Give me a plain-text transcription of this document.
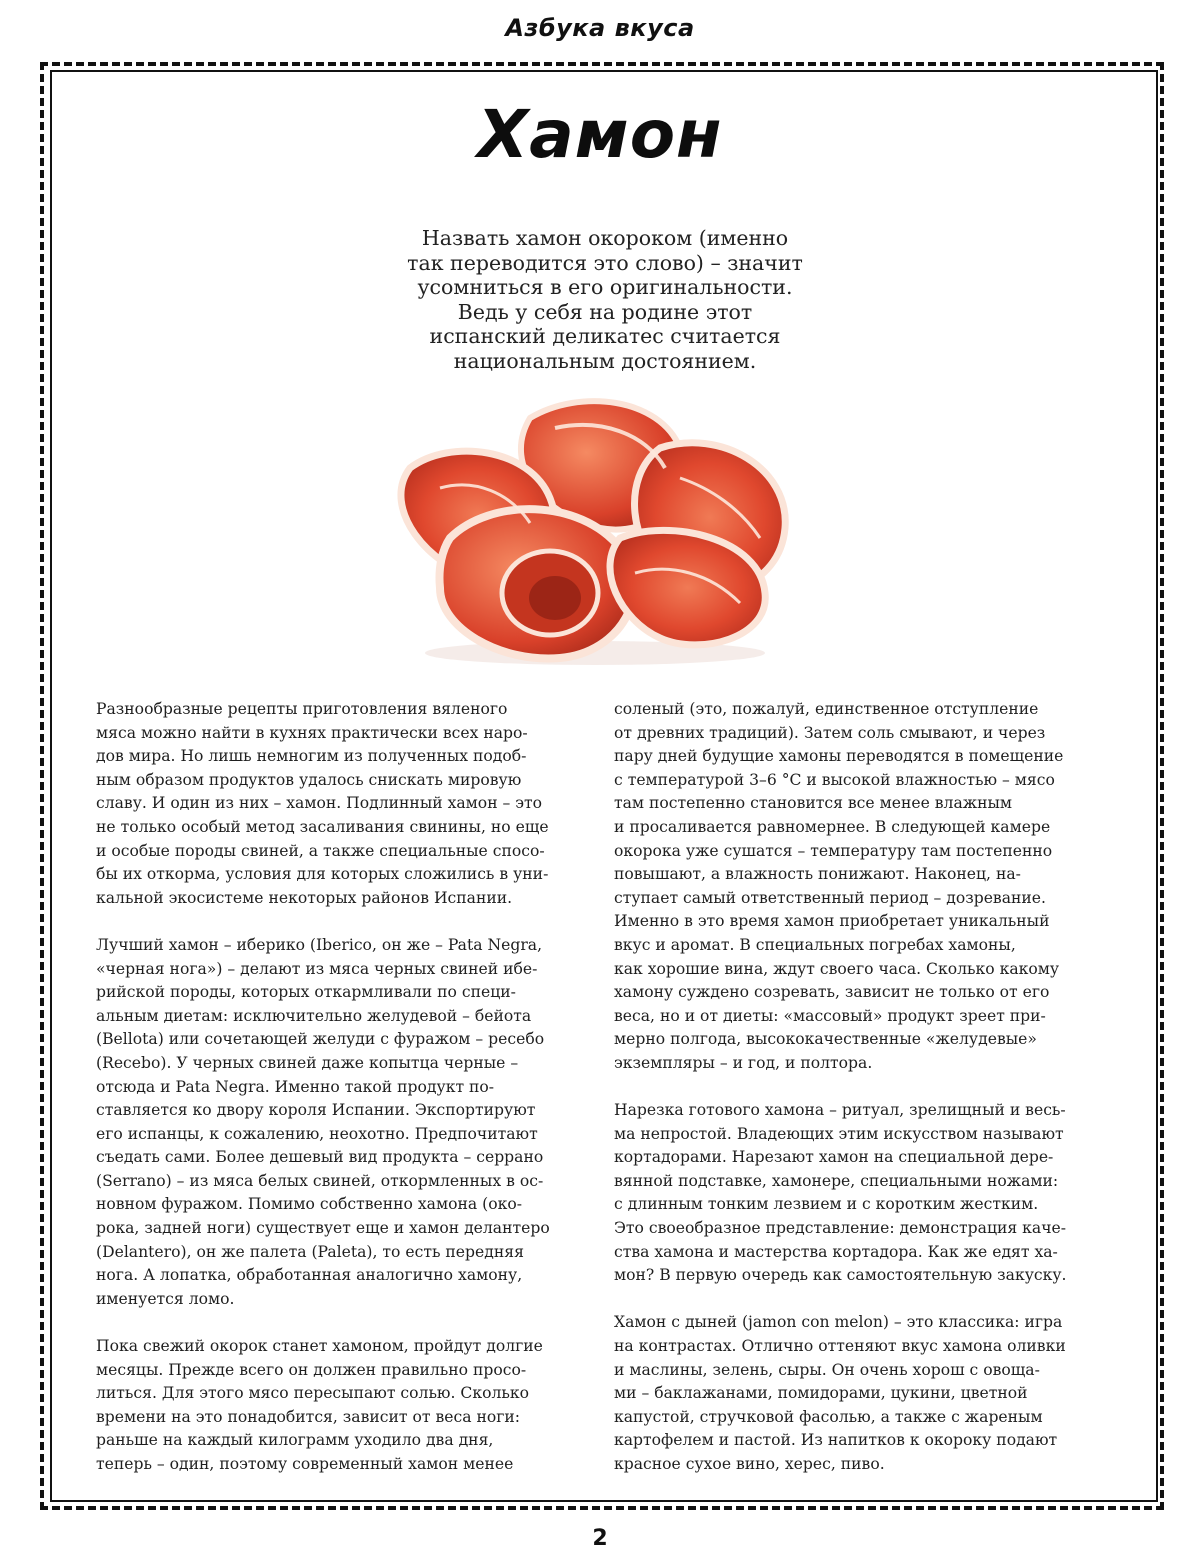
Азбука вкуса
Хамон
Назвать хамон окороком (именно
так переводится это слово) – значит
усомниться в его оригинальности.
Ведь у себя на родине этот
испанский деликатес считается
национальным достоянием.
Разнообразные рецепты приготовления вяленого
мяса можно найти в кухнях практически всех наро-
дов мира. Но лишь немногим из полученных подоб-
ным образом продуктов удалось снискать мировую
славу. И один из них – хамон. Подлинный хамон – это
не только особый метод засаливания свинины, но еще
и особые породы свиней, а также специальные спосо-
бы их откорма, условия для которых сложились в уни-
кальной экосистеме некоторых районов Испании.
Лучший хамон – иберико (Iberico, он же – Pata Negra,
«черная нога») – делают из мяса черных свиней ибе-
рийской породы, которых откармливали по специ-
альным диетам: исключительно желудевой – бейота
(Bellota) или сочетающей желуди с фуражом – ресебо
(Recebo). У черных свиней даже копытца черные –
отсюда и Pata Negra. Именно такой продукт по-
ставляется ко двору короля Испании. Экспортируют
его испанцы, к сожалению, неохотно. Предпочитают
съедать сами. Более дешевый вид продукта – серрано
(Serrano) – из мяса белых свиней, откормленных в ос-
новном фуражом. Помимо собственно хамона (око-
рока, задней ноги) существует еще и хамон делантеро
(Delantero), он же палета (Paleta), то есть передняя
нога. А лопатка, обработанная аналогично хамону,
именуется ломо.
Пока свежий окорок станет хамоном, пройдут долгие
месяцы. Прежде всего он должен правильно просо-
литься. Для этого мясо пересыпают солью. Сколько
времени на это понадобится, зависит от веса ноги:
раньше на каждый килограмм уходило два дня,
теперь – один, поэтому современный хамон менее
соленый (это, пожалуй, единственное отступление
от древних традиций). Затем соль смывают, и через
пару дней будущие хамоны переводятся в помещение
с температурой 3–6 °С и высокой влажностью – мясо
там постепенно становится все менее влажным
и просаливается равномернее. В следующей камере
окорока уже сушатся – температуру там постепенно
повышают, а влажность понижают. Наконец, на-
ступает самый ответственный период – дозревание.
Именно в это время хамон приобретает уникальный
вкус и аромат. В специальных погребах хамоны,
как хорошие вина, ждут своего часа. Сколько какому
хамону суждено созревать, зависит не только от его
веса, но и от диеты: «массовый» продукт зреет при-
мерно полгода, высококачественные «желудевые»
экземпляры – и год, и полтора.
Нарезка готового хамона – ритуал, зрелищный и весь-
ма непростой. Владеющих этим искусством называют
кортадорами. Нарезают хамон на специальной дере-
вянной подставке, хамонере, специальными ножами:
с длинным тонким лезвием и с коротким жестким.
Это своеобразное представление: демонстрация каче-
ства хамона и мастерства кортадора. Как же едят ха-
мон? В первую очередь как самостоятельную закуску.
Хамон с дыней (jamon con melon) – это классика: игра
на контрастах. Отлично оттеняют вкус хамона оливки
и маслины, зелень, сыры. Он очень хорош с овоща-
ми – баклажанами, помидорами, цукини, цветной
капустой, стручковой фасолью, а также с жареным
картофелем и пастой. Из напитков к окороку подают
красное сухое вино, херес, пиво.
2
